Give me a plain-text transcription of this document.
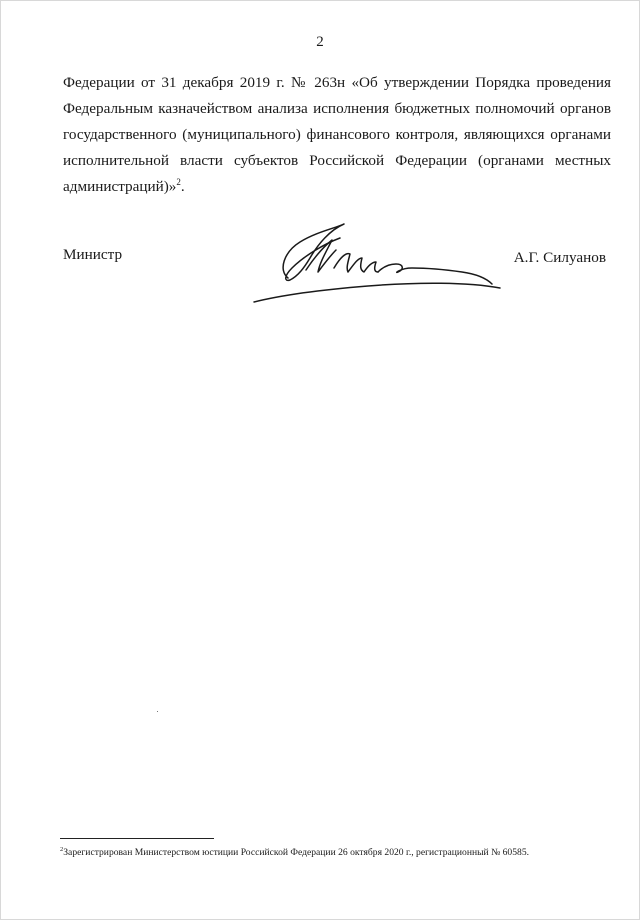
2
Федерации от 31 декабря 2019 г. № 263н «Об утверждении Порядка проведения Федеральным казначейством анализа исполнения бюджетных полномочий органов государственного (муниципального) финансового контроля, являющихся органами исполнительной власти субъектов Российской Федерации (органами местных администраций)»$^2$.
Министр	А.Г. Силуанов
$^2$Зарегистрирован Министерством юстиции Российской Федерации 26 октября 2020 г., регистрационный № 60585.
